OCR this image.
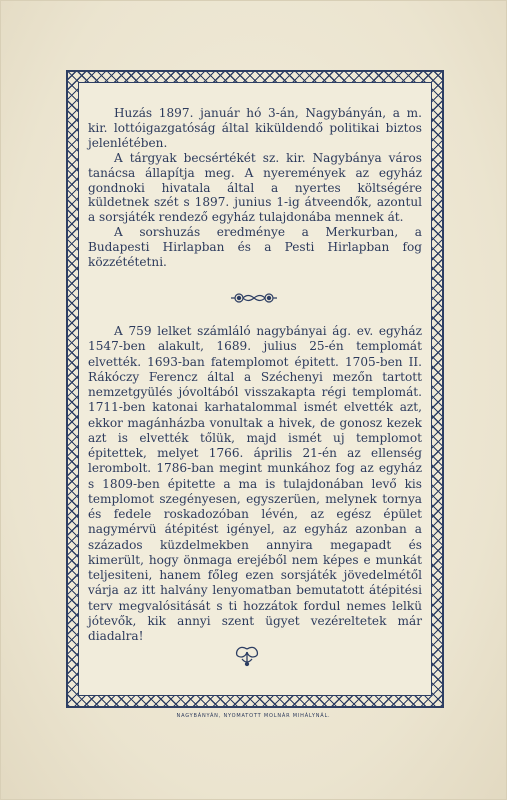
Huzás 1897. január hó 3-án, Nagybányán, a m. kir. lottóigazgatóság által kiküldendő politikai biztos jelenlétében.

A tárgyak becsértékét sz. kir. Nagybánya város tanácsa állapítja meg. A nyeremények az egyház gondnoki hivatala által a nyertes költségére küldetnek szét s 1897. junius 1-ig átveendők, azontul a sorsjáték rendező egyház tulajdonába mennek át.

A sorshuzás eredménye a Merkurban, a Budapesti Hirlapban és a Pesti Hirlapban fog közzététetni.

A 759 lelket számláló nagybányai ág. ev. egyház 1547-ben alakult, 1689. julius 25-én templomát elvették. 1693-ban fatemplomot épitett. 1705-ben II. Rákóczy Ferencz által a Széchenyi mezőn tartott nemzetgyülés jóvoltából visszakapta régi templomát. 1711-ben katonai karhatalommal ismét elvették azt, ekkor magánházba vonultak a hivek, de gonosz kezek azt is elvették tőlük, majd ismét uj templomot épitettek, melyet 1766. április 21-én az ellenség lerombolt. 1786-ban megint munkához fog az egyház s 1809-ben épitette a ma is tulajdonában levő kis templomot szegényesen, egyszerüen, melynek tornya és fedele roskadozóban lévén, az egész épület nagymérvü átépitést igényel, az egyház azonban a százados küzdelmekben annyira megapadt és kimerült, hogy önmaga erejéből nem képes e munkát teljesiteni, hanem főleg ezen sorsjáték jövedelmétől várja az itt halvány lenyomatban bemutatott átépitési terv megvalósitását s ti hozzátok fordul nemes lelkü jótevők, kik annyi szent ügyet vezéreltetek már diadalra!

NAGYBÁNYÁN, NYOMATOTT MOLNÁR MIHÁLYNÁL.
